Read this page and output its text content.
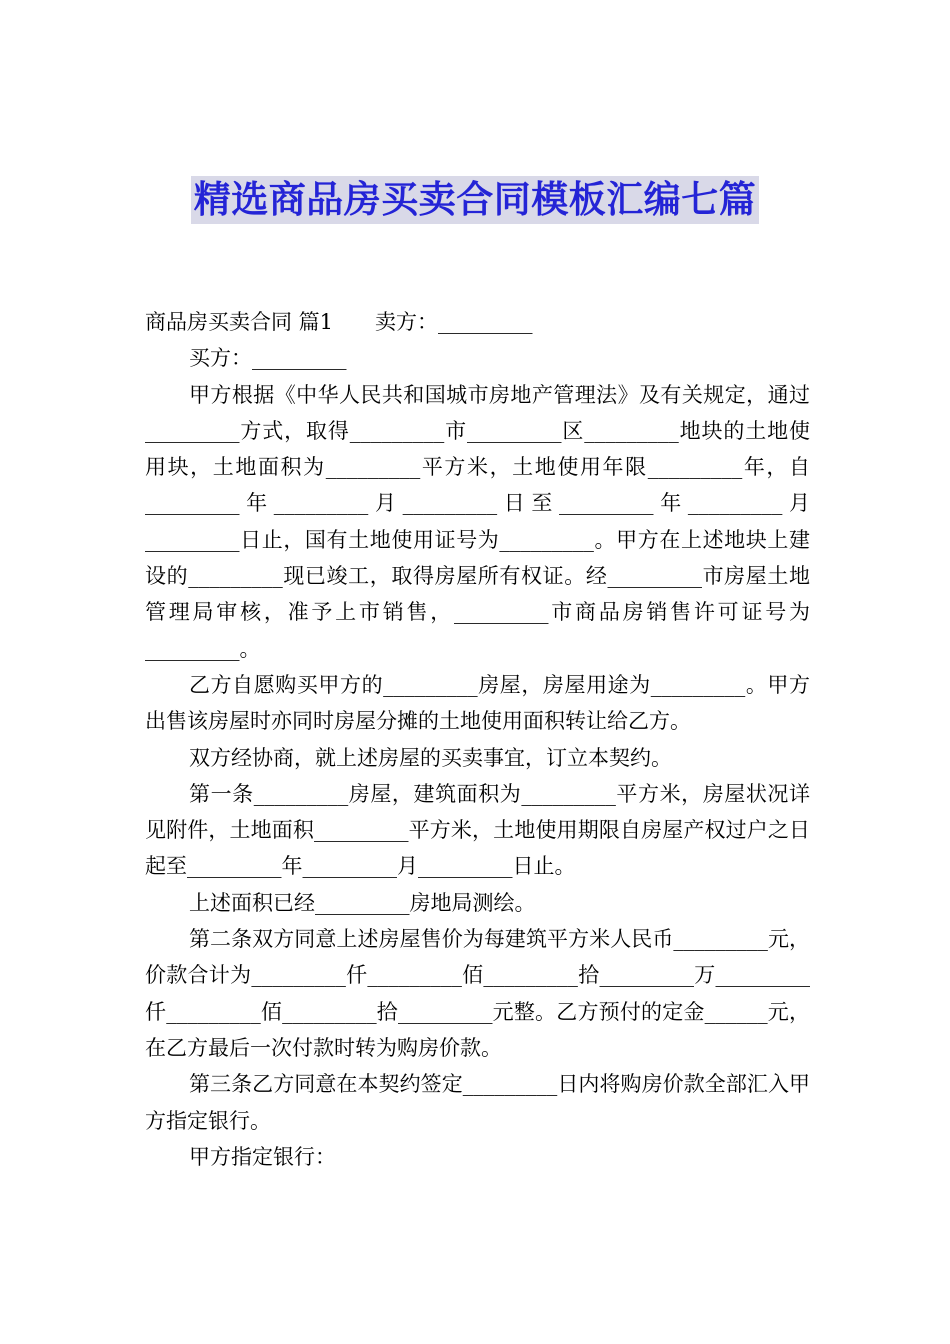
精选商品房买卖合同模板汇编七篇

商品房买卖合同 篇1 卖方：_________

买方：_________

甲方根据《中华人民共和国城市房地产管理法》及有关规定，通过_________方式，取得_________市_________区_________地块的土地使用块，土地面积为_________平方米，土地使用年限_________年，自_________年_________月_________日至_________年_________月_________日止，国有土地使用证号为_________。甲方在上述地块上建设的_________现已竣工，取得房屋所有权证。经_________市房屋土地管理局审核，准予上市销售，_________市商品房销售许可证号为_________。

乙方自愿购买甲方的_________房屋，房屋用途为_________。甲方出售该房屋时亦同时房屋分摊的土地使用面积转让给乙方。

双方经协商，就上述房屋的买卖事宜，订立本契约。

第一条_________房屋，建筑面积为_________平方米，房屋状况详见附件，土地面积_________平方米，土地使用期限自房屋产权过户之日起至_________年_________月_________日止。

上述面积已经_________房地局测绘。

第二条双方同意上述房屋售价为每建筑平方米人民币_________元，价款合计为_________仟_________佰_________拾_________万_________仟_________佰_________拾_________元整。乙方预付的定金______元，在乙方最后一次付款时转为购房价款。

第三条乙方同意在本契约签定_________日内将购房价款全部汇入甲方指定银行。

甲方指定银行：
